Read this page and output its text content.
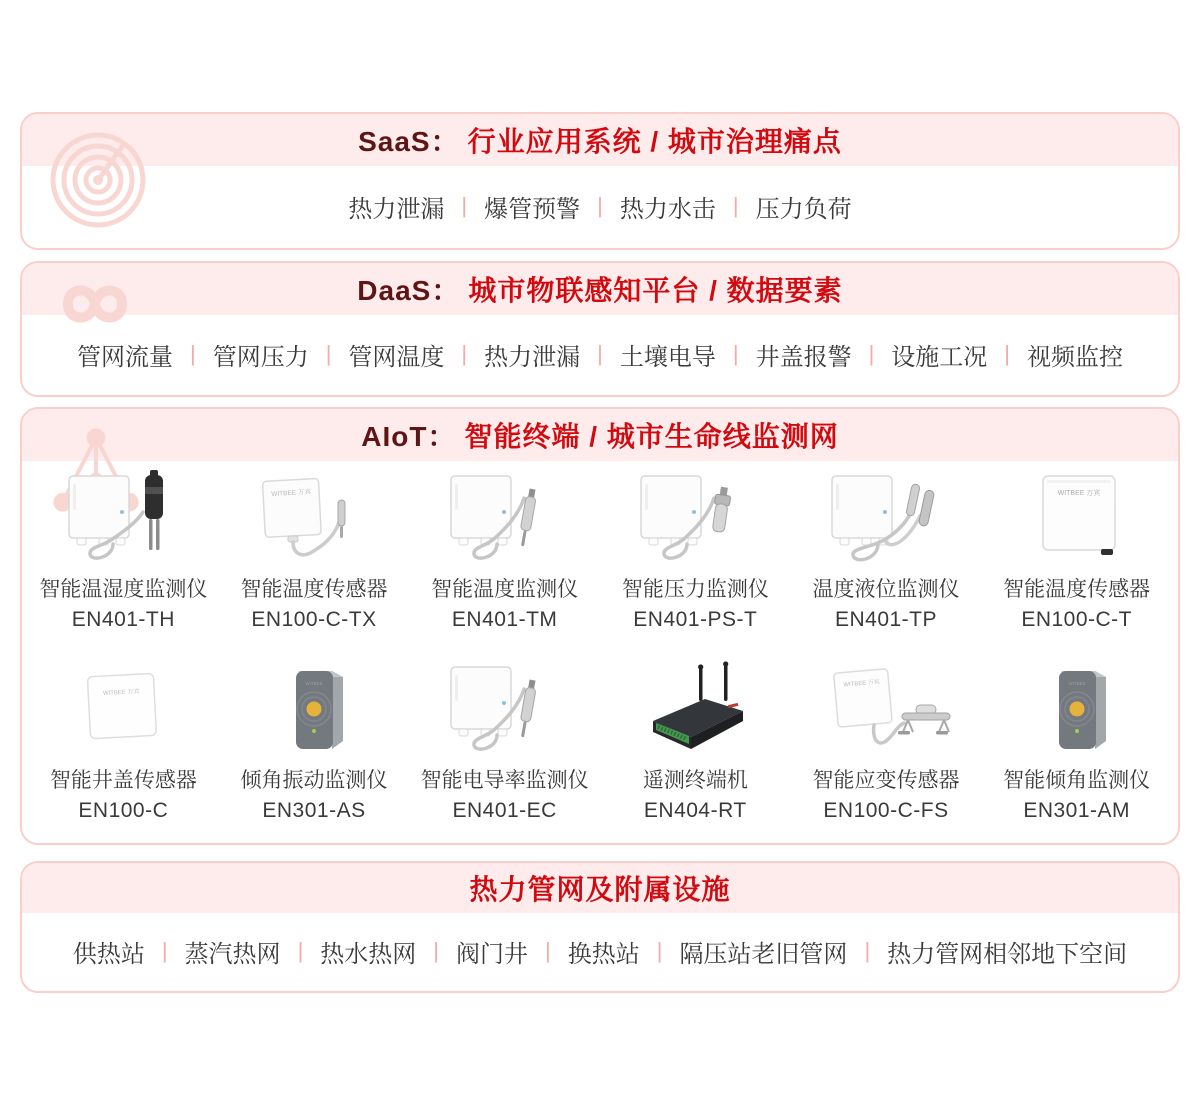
SaaS： 行业应用系统 / 城市治理痛点
热力泄漏 | 爆管预警 | 热力水击 | 压力负荷
DaaS： 城市物联感知平台 / 数据要素
管网流量 | 管网压力 | 管网温度 | 热力泄漏 | 土壤电导 | 井盖报警 | 设施工况 | 视频监控
AIoT： 智能终端 / 城市生命线监测网
智能温湿度监测仪
EN401-TH
WITBEE 万宾
智能温度传感器
EN100-C-TX
智能温度监测仪
EN401-TM
智能压力监测仪
EN401-PS-T
温度液位监测仪
EN401-TP
WITBEE 万宾
智能温度传感器
EN100-C-T
WITBEE 万宾
智能井盖传感器
EN100-C
WITBEE
倾角振动监测仪
EN301-AS
智能电导率监测仪
EN401-EC
遥测终端机
EN404-RT
WITBEE 万宾
智能应变传感器
EN100-C-FS
WITBEE
智能倾角监测仪
EN301-AM
热力管网及附属设施
供热站 | 蒸汽热网 | 热水热网 | 阀门井 | 换热站 | 隔压站老旧管网 | 热力管网相邻地下空间
